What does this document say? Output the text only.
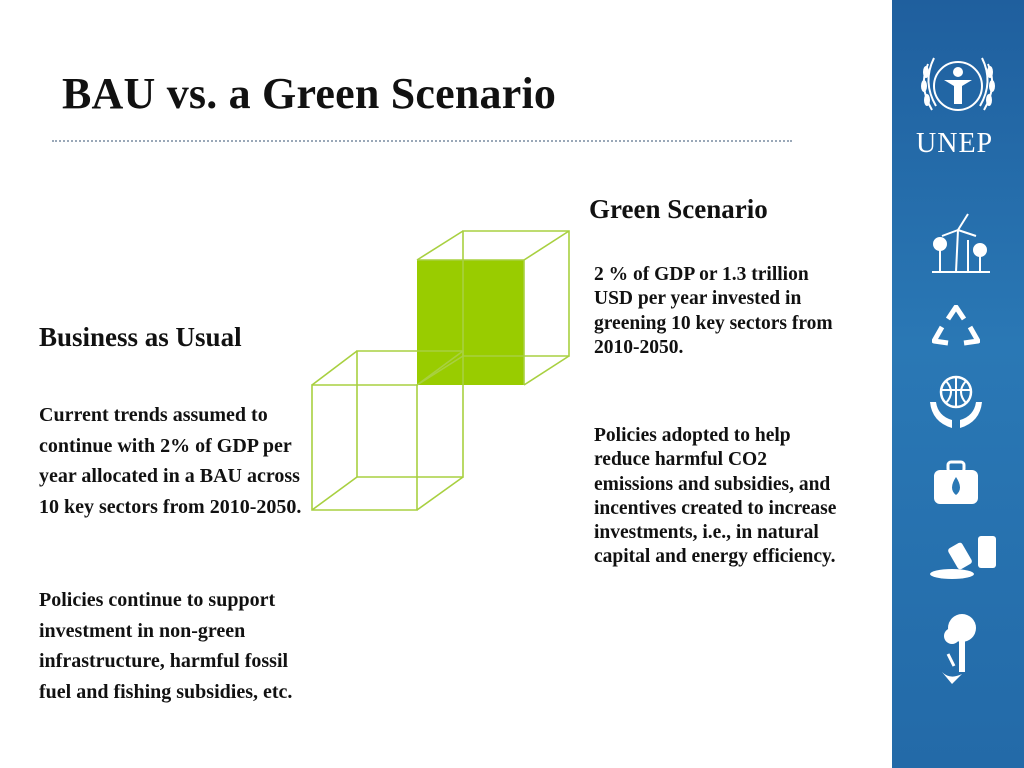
BAU vs. a Green Scenario
Business as Usual
Current trends assumed to continue with 2% of GDP per year allocated in a BAU across 10 key sectors from 2010-2050.
Policies continue to support investment in non-green infrastructure, harmful fossil fuel and fishing subsidies, etc.
Green Scenario
2 % of GDP or 1.3 trillion USD per year invested in greening 10 key sectors from 2010-2050.
Policies adopted to help reduce harmful CO2 emissions and subsidies, and incentives created to increase investments, i.e., in natural capital and energy efficiency.
UNEP
